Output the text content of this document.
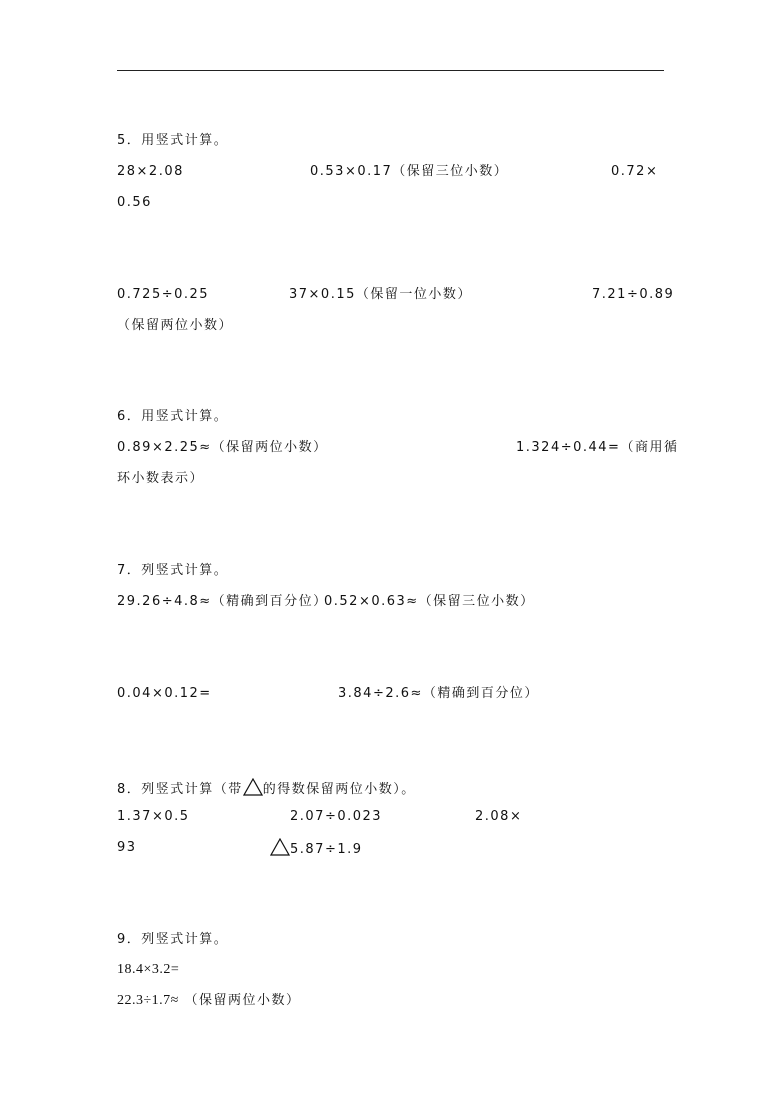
5．用竖式计算。
28×2.08	0.53×0.17（保留三位小数）	0.72×
0.56
0.725÷0.25	37×0.15（保留一位小数）	7.21÷0.89
（保留两位小数）
6．用竖式计算。
0.89×2.25≈（保留两位小数）	1.324÷0.44=（商用循
环小数表示）
7．列竖式计算。
29.26÷4.8≈（精确到百分位）
0.52×0.63≈（保留三位小数）
0.04×0.12=	3.84÷2.6≈（精确到百分位）
8．列竖式计算（带 的得数保留两位小数）。
1.37×0.5	2.07÷0.023	2.08×
93	5.87÷1.9
9．列竖式计算。
18.4×3.2=
22.3÷1.7≈ （保留两位小数）
